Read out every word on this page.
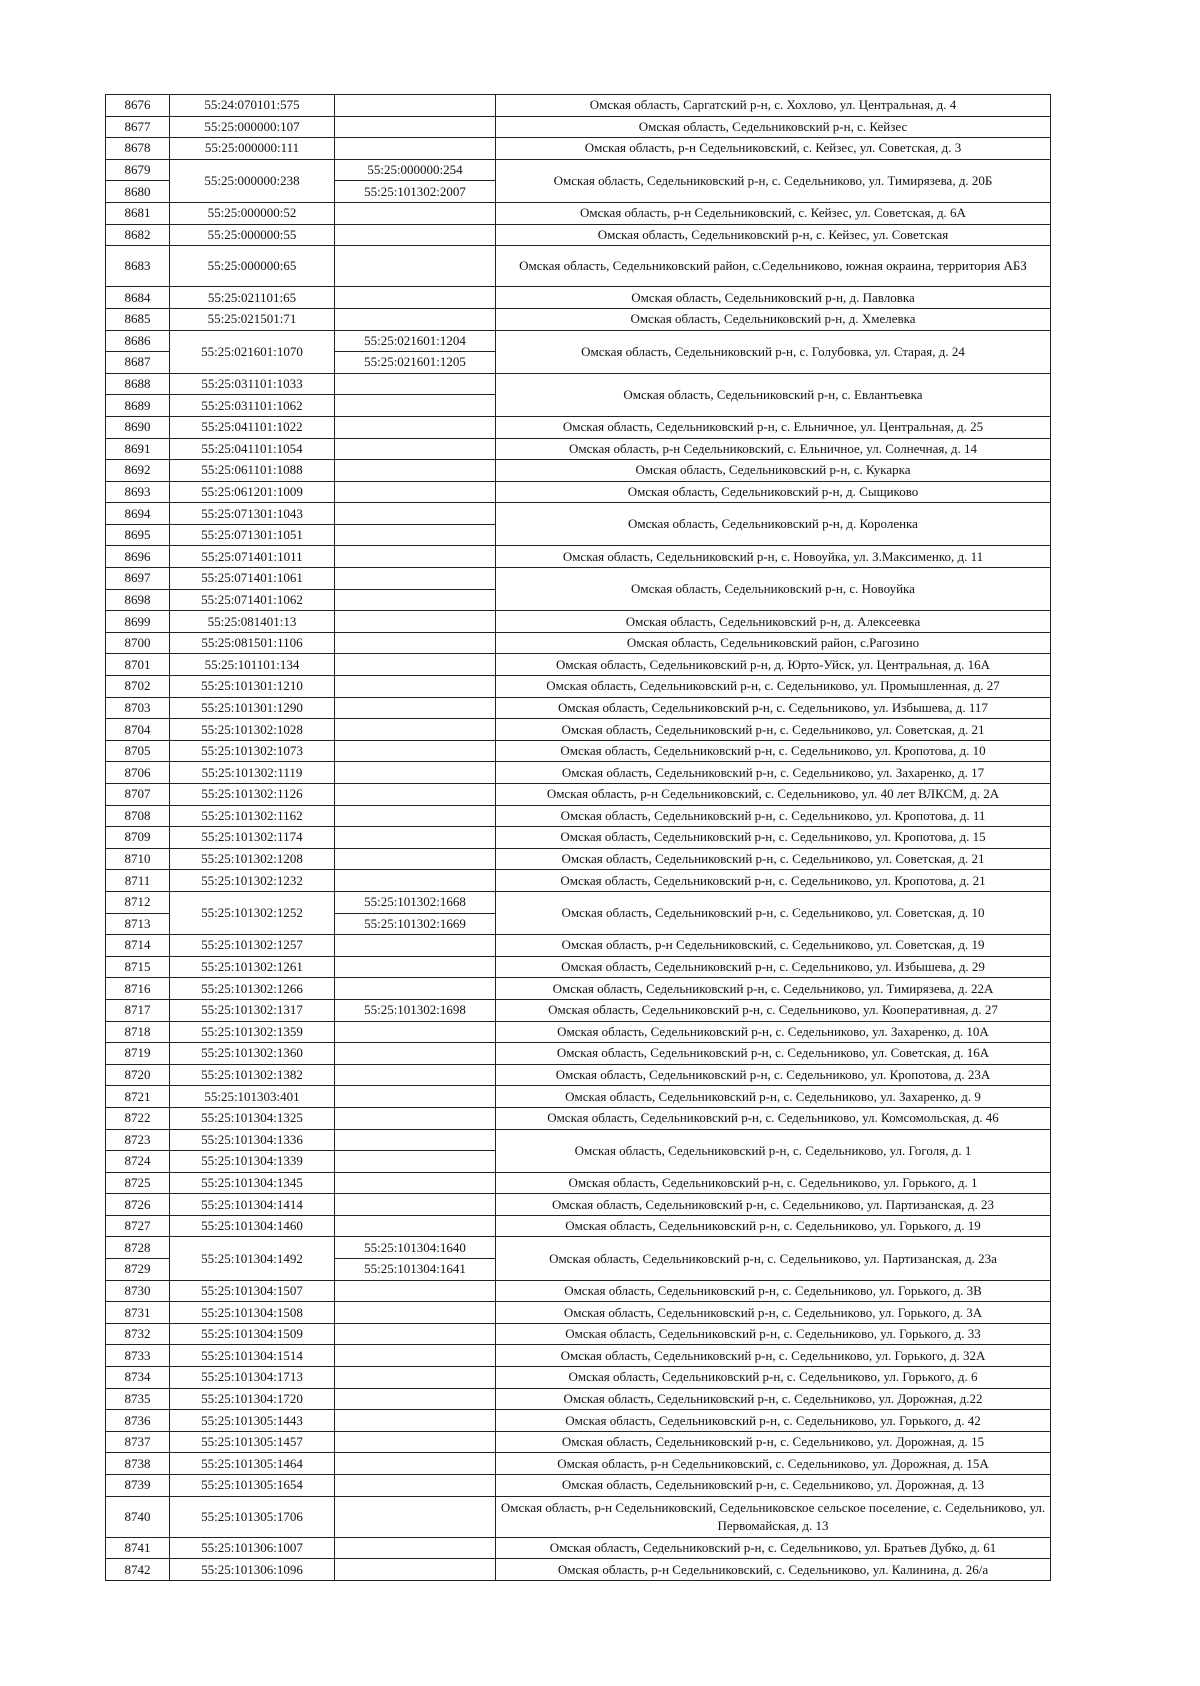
8676	55:24:070101:575		Омская область, Саргатский р-н, с. Хохлово, ул. Центральная, д. 4
8677	55:25:000000:107		Омская область, Седельниковский р-н, с. Кейзес
8678	55:25:000000:111		Омская область, р-н Седельниковский, с. Кейзес, ул. Советская, д. 3
8679	55:25:000000:238	55:25:000000:254	Омская область, Седельниковский р-н, с. Седельниково, ул. Тимирязева, д. 20Б
8680		55:25:101302:2007	
8681	55:25:000000:52		Омская область, р-н Седельниковский, с. Кейзес, ул. Советская, д. 6А
8682	55:25:000000:55		Омская область, Седельниковский р-н, с. Кейзес, ул. Советская
8683	55:25:000000:65		Омская область, Седельниковский район, с.Седельниково, южная окраина, территория АБЗ
8684	55:25:021101:65		Омская область, Седельниковский р-н, д. Павловка
8685	55:25:021501:71		Омская область, Седельниковский р-н, д. Хмелевка
8686	55:25:021601:1070	55:25:021601:1204	Омская область, Седельниковский р-н, с. Голубовка, ул. Старая, д. 24
8687		55:25:021601:1205	
8688	55:25:031101:1033		Омская область, Седельниковский р-н, с. Евлантьевка
8689	55:25:031101:1062		
8690	55:25:041101:1022		Омская область, Седельниковский р-н, с. Ельничное, ул. Центральная, д. 25
8691	55:25:041101:1054		Омская область, р-н Седельниковский, с. Ельничное, ул. Солнечная, д. 14
8692	55:25:061101:1088		Омская область, Седельниковский р-н, с. Кукарка
8693	55:25:061201:1009		Омская область, Седельниковский р-н, д. Сыщиково
8694	55:25:071301:1043		Омская область, Седельниковский р-н, д. Короленка
8695	55:25:071301:1051		
8696	55:25:071401:1011		Омская область, Седельниковский р-н, с. Новоуйка, ул. З.Максименко, д. 11
8697	55:25:071401:1061		Омская область, Седельниковский р-н, с. Новоуйка
8698	55:25:071401:1062		
8699	55:25:081401:13		Омская область, Седельниковский р-н, д. Алексеевка
8700	55:25:081501:1106		Омская область, Седельниковский район, с.Рагозино
8701	55:25:101101:134		Омская область, Седельниковский р-н, д. Юрто-Уйск, ул. Центральная, д. 16А
8702	55:25:101301:1210		Омская область, Седельниковский р-н, с. Седельниково, ул. Промышленная, д. 27
8703	55:25:101301:1290		Омская область, Седельниковский р-н, с. Седельниково, ул. Избышева, д. 117
8704	55:25:101302:1028		Омская область, Седельниковский р-н, с. Седельниково, ул. Советская, д. 21
8705	55:25:101302:1073		Омская область, Седельниковский р-н, с. Седельниково, ул. Кропотова, д. 10
8706	55:25:101302:1119		Омская область, Седельниковский р-н, с. Седельниково, ул. Захаренко, д. 17
8707	55:25:101302:1126		Омская область, р-н Седельниковский, с. Седельниково, ул. 40 лет ВЛКСМ, д. 2А
8708	55:25:101302:1162		Омская область, Седельниковский р-н, с. Седельниково, ул. Кропотова, д. 11
8709	55:25:101302:1174		Омская область, Седельниковский р-н, с. Седельниково, ул. Кропотова, д. 15
8710	55:25:101302:1208		Омская область, Седельниковский р-н, с. Седельниково, ул. Советская, д. 21
8711	55:25:101302:1232		Омская область, Седельниковский р-н, с. Седельниково, ул. Кропотова, д. 21
8712	55:25:101302:1252	55:25:101302:1668	Омская область, Седельниковский р-н, с. Седельниково, ул. Советская, д. 10
8713		55:25:101302:1669	
8714	55:25:101302:1257		Омская область, р-н Седельниковский, с. Седельниково, ул. Советская, д. 19
8715	55:25:101302:1261		Омская область, Седельниковский р-н, с. Седельниково, ул. Избышева, д. 29
8716	55:25:101302:1266		Омская область, Седельниковский р-н, с. Седельниково, ул. Тимирязева, д. 22А
8717	55:25:101302:1317	55:25:101302:1698	Омская область, Седельниковский р-н, с. Седельниково, ул. Кооперативная, д. 27
8718	55:25:101302:1359		Омская область, Седельниковский р-н, с. Седельниково, ул. Захаренко, д. 10А
8719	55:25:101302:1360		Омская область, Седельниковский р-н, с. Седельниково, ул. Советская, д. 16А
8720	55:25:101302:1382		Омская область, Седельниковский р-н, с. Седельниково, ул. Кропотова, д. 23А
8721	55:25:101303:401		Омская область, Седельниковский р-н, с. Седельниково, ул. Захаренко, д. 9
8722	55:25:101304:1325		Омская область, Седельниковский р-н, с. Седельниково, ул. Комсомольская, д. 46
8723	55:25:101304:1336		Омская область, Седельниковский р-н, с. Седельниково, ул. Гоголя, д. 1
8724	55:25:101304:1339		
8725	55:25:101304:1345		Омская область, Седельниковский р-н, с. Седельниково, ул. Горького, д. 1
8726	55:25:101304:1414		Омская область, Седельниковский р-н, с. Седельниково, ул. Партизанская, д. 23
8727	55:25:101304:1460		Омская область, Седельниковский р-н, с. Седельниково, ул. Горького, д. 19
8728	55:25:101304:1492	55:25:101304:1640	Омская область, Седельниковский р-н, с. Седельниково, ул. Партизанская, д. 23а
8729		55:25:101304:1641	
8730	55:25:101304:1507		Омская область, Седельниковский р-н, с. Седельниково, ул. Горького, д. 3В
8731	55:25:101304:1508		Омская область, Седельниковский р-н, с. Седельниково, ул. Горького, д. 3А
8732	55:25:101304:1509		Омская область, Седельниковский р-н, с. Седельниково, ул. Горького, д. 33
8733	55:25:101304:1514		Омская область, Седельниковский р-н, с. Седельниково, ул. Горького, д. 32А
8734	55:25:101304:1713		Омская область, Седельниковский р-н, с. Седельниково, ул. Горького, д. 6
8735	55:25:101304:1720		Омская область, Седельниковский р-н, с. Седельниково, ул. Дорожная, д.22
8736	55:25:101305:1443		Омская область, Седельниковский р-н, с. Седельниково, ул. Горького, д. 42
8737	55:25:101305:1457		Омская область, Седельниковский р-н, с. Седельниково, ул. Дорожная, д. 15
8738	55:25:101305:1464		Омская область, р-н Седельниковский, с. Седельниково, ул. Дорожная, д. 15А
8739	55:25:101305:1654		Омская область, Седельниковский р-н, с. Седельниково, ул. Дорожная, д. 13
8740	55:25:101305:1706		Омская область, р-н Седельниковский, Седельниковское сельское поселение, с. Седельниково, ул. Первомайская, д. 13
8741	55:25:101306:1007		Омская область, Седельниковский р-н, с. Седельниково, ул. Братьев Дубко, д. 61
8742	55:25:101306:1096		Омская область, р-н Седельниковский, с. Седельниково, ул. Калинина, д. 26/а
